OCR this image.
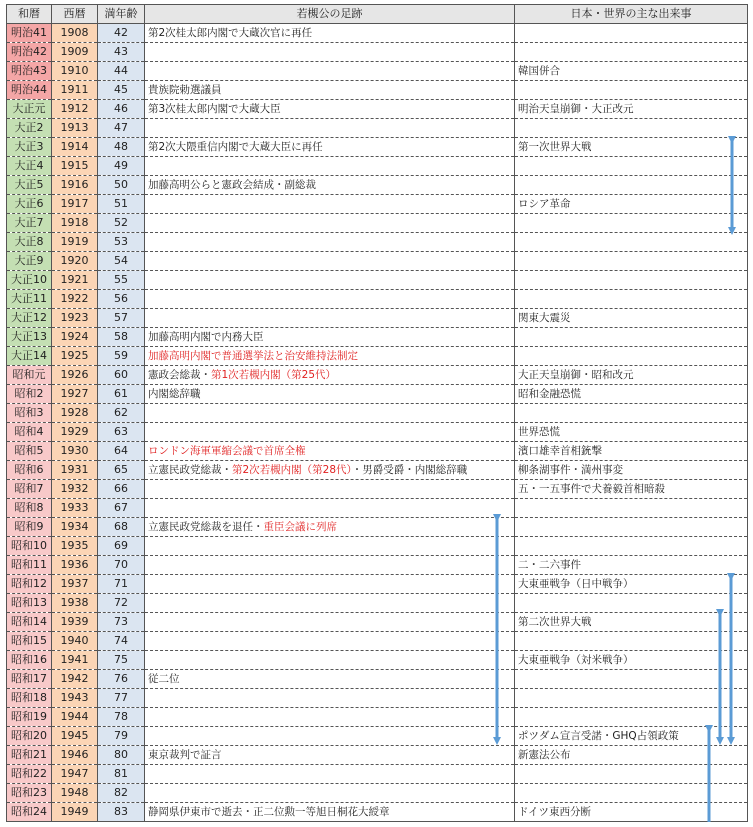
和暦	西暦	満年齢	若槻公の足跡	日本・世界の主な出来事
明治41	1908	42	第2次桂太郎内閣で大蔵次官に再任	
明治42	1909	43		
明治43	1910	44		韓国併合
明治44	1911	45	貴族院勅選議員	
大正元	1912	46	第3次桂太郎内閣で大蔵大臣	明治天皇崩御・大正改元
大正2	1913	47		
大正3	1914	48	第2次大隈重信内閣で大蔵大臣に再任	第一次世界大戦
大正4	1915	49		
大正5	1916	50	加藤高明公らと憲政会結成・副総裁	
大正6	1917	51		ロシア革命
大正7	1918	52		
大正8	1919	53		
大正9	1920	54		
大正10	1921	55		
大正11	1922	56		
大正12	1923	57		関東大震災
大正13	1924	58	加藤高明内閣で内務大臣	
大正14	1925	59	加藤高明内閣で普通選挙法と治安維持法制定	
昭和元	1926	60	憲政会総裁・第1次若槻内閣（第25代）	大正天皇崩御・昭和改元
昭和2	1927	61	内閣総辞職	昭和金融恐慌
昭和3	1928	62		
昭和4	1929	63		世界恐慌
昭和5	1930	64	ロンドン海軍軍縮会議で首席全権	濱口雄幸首相銃撃
昭和6	1931	65	立憲民政党総裁・第2次若槻内閣（第28代）・男爵受爵・内閣総辞職	柳条湖事件・満州事変
昭和7	1932	66		五・一五事件で犬養毅首相暗殺
昭和8	1933	67		
昭和9	1934	68	立憲民政党総裁を退任・重臣会議に列席	
昭和10	1935	69		
昭和11	1936	70		二・二六事件
昭和12	1937	71		大東亜戦争（日中戦争）
昭和13	1938	72		
昭和14	1939	73		第二次世界大戦
昭和15	1940	74		
昭和16	1941	75		大東亜戦争（対米戦争）
昭和17	1942	76	従二位	
昭和18	1943	77		
昭和19	1944	78		
昭和20	1945	79		ポツダム宣言受諾・GHQ占領政策
昭和21	1946	80	東京裁判で証言	新憲法公布
昭和22	1947	81		
昭和23	1948	82		
昭和24	1949	83	静岡県伊東市で逝去・正二位勲一等旭日桐花大綬章	ドイツ東西分断
